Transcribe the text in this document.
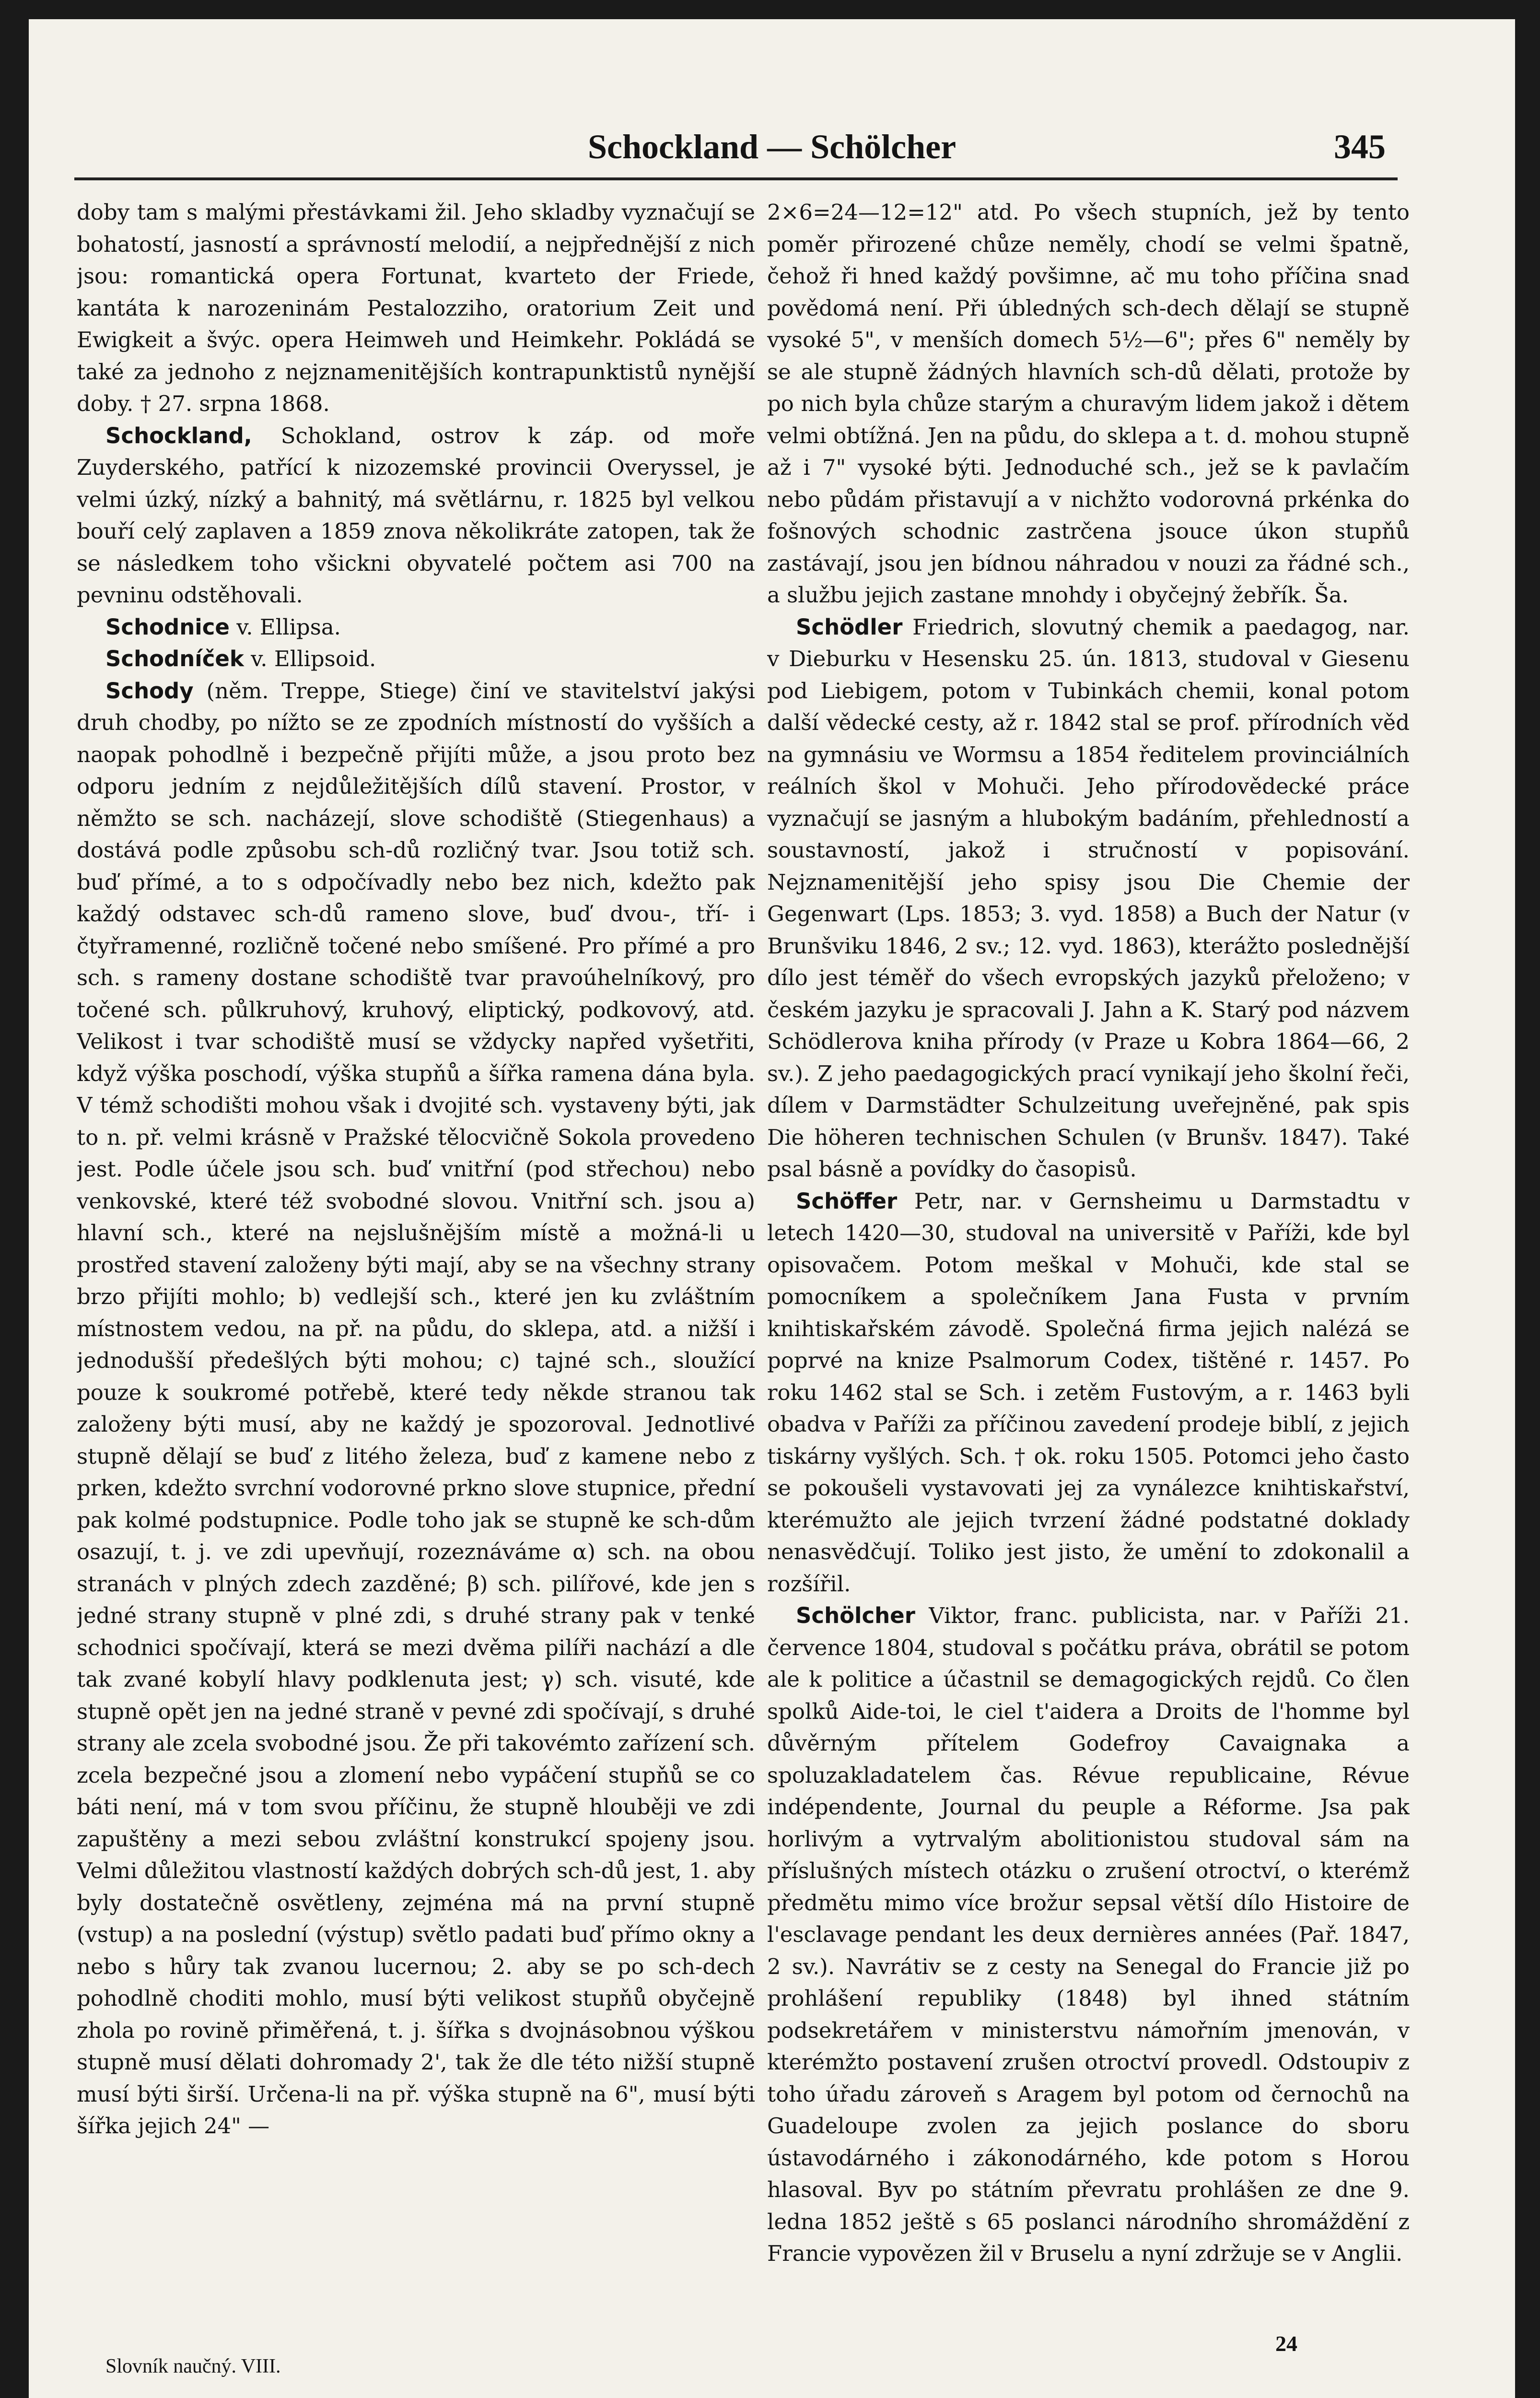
Schockland — Schölcher	345

doby tam s malými přestávkami žil. Jeho skladby vyznačují se bohatostí, jasností a správností melodií, a nejpřednější z nich jsou: romantická opera Fortunat, kvarteto der Friede, kantáta k narozeninám Pestalozziho, oratorium Zeit und Ewigkeit a švýc. opera Heimweh und Heimkehr. Pokládá se také za jednoho z nejznamenitějších kontrapunktistů nynější doby. † 27. srpna 1868.

Schockland, Schokland, ostrov k záp. od moře Zuyderského, patřící k nizozemské provincii Overyssel, je velmi úzký, nízký a bahnitý, má světlárnu, r. 1825 byl velkou bouří celý zaplaven a 1859 znova několikráte zatopen, tak že se následkem toho všickni obyvatelé počtem asi 700 na pevninu odstěhovali.

Schodnice v. Ellipsa.

Schodníček v. Ellipsoid.

Schody (něm. Treppe, Stiege) činí ve stavitelství jakýsi druh chodby, po nížto se ze zpodních místností do vyšších a naopak pohodlně i bezpečně přijíti může, a jsou proto bez odporu jedním z nejdůležitějších dílů stavení. Prostor, v němžto se sch. nacházejí, slove schodiště (Stiegenhaus) a dostává podle způsobu sch-dů rozličný tvar. Jsou totiž sch. buď přímé, a to s odpočívadly nebo bez nich, kdežto pak každý odstavec sch-dů rameno slove, buď dvou-, tří- i čtyřramenné, rozličně točené nebo smíšené. Pro přímé a pro sch. s rameny dostane schodiště tvar pravoúhelníkový, pro točené sch. půlkruhový, kruhový, eliptický, podkovový, atd. Velikost i tvar schodiště musí se vždycky napřed vyšetřiti, když výška poschodí, výška stupňů a šířka ramena dána byla. V témž schodišti mohou však i dvojité sch. vystaveny býti, jak to n. př. velmi krásně v Pražské tělocvičně Sokola provedeno jest. Podle účele jsou sch. buď vnitřní (pod střechou) nebo venkovské, které též svobodné slovou. Vnitřní sch. jsou a) hlavní sch., které na nejslušnějším místě a možná-li u prostřed stavení založeny býti mají, aby se na všechny strany brzo přijíti mohlo; b) vedlejší sch., které jen ku zvláštním místnostem vedou, na př. na půdu, do sklepa, atd. a nižší i jednodušší předešlých býti mohou; c) tajné sch., sloužící pouze k soukromé potřebě, které tedy někde stranou tak založeny býti musí, aby ne každý je spozoroval. Jednotlivé stupně dělají se buď z litého železa, buď z kamene nebo z prken, kdežto svrchní vodorovné prkno slove stupnice, přední pak kolmé podstupnice. Podle toho jak se stupně ke sch-dům osazují, t. j. ve zdi upevňují, rozeznáváme α) sch. na obou stranách v plných zdech zazděné; β) sch. pilířové, kde jen s jedné strany stupně v plné zdi, s druhé strany pak v tenké schodnici spočívají, která se mezi dvěma pilíři nachází a dle tak zvané kobylí hlavy podklenuta jest; γ) sch. visuté, kde stupně opět jen na jedné straně v pevné zdi spočívají, s druhé strany ale zcela svobodné jsou. Že při takovémto zařízení sch. zcela bezpečné jsou a zlomení nebo vypáčení stupňů se co báti není, má v tom svou příčinu, že stupně hlouběji ve zdi zapuštěny a mezi sebou zvláštní konstrukcí spojeny jsou. Velmi důležitou vlastností každých dobrých sch-dů jest, 1. aby byly dostatečně osvětleny, zejména má na první stupně (vstup) a na poslední (výstup) světlo padati buď přímo okny a nebo s hůry tak zvanou lucernou; 2. aby se po sch-dech pohodlně choditi mohlo, musí býti velikost stupňů obyčejně zhola po rovině přiměřená, t. j. šířka s dvojnásobnou výškou stupně musí dělati dohromady 2', tak že dle této nižší stupně musí býti širší. Určena-li na př. výška stupně na 6", musí býti šířka jejich 24" —

2×6=24—12=12" atd. Po všech stupních, jež by tento poměr přirozené chůze neměly, chodí se velmi špatně, čehož ři hned každý povšimne, ač mu toho příčina snad povědomá není. Při úbledných sch-dech dělají se stupně vysoké 5", v menších domech 5½—6"; přes 6" neměly by se ale stupně žádných hlavních sch-dů dělati, protože by po nich byla chůze starým a churavým lidem jakož i dětem velmi obtížná. Jen na půdu, do sklepa a t. d. mohou stupně až i 7" vysoké býti. Jednoduché sch., jež se k pavlačím nebo půdám přistavují a v nichžto vodorovná prkénka do fošnových schodnic zastrčena jsouce úkon stupňů zastávají, jsou jen bídnou náhradou v nouzi za řádné sch., a službu jejich zastane mnohdy i obyčejný žebřík. Ša.

Schödler Friedrich, slovutný chemik a paedagog, nar. v Dieburku v Hesensku 25. ún. 1813, studoval v Giesenu pod Liebigem, potom v Tubinkách chemii, konal potom další vědecké cesty, až r. 1842 stal se prof. přírodních věd na gymnásiu ve Wormsu a 1854 ředitelem provinciálních reálních škol v Mohuči. Jeho přírodovědecké práce vyznačují se jasným a hlubokým badáním, přehledností a soustavností, jakož i stručností v popisování. Nejznamenitější jeho spisy jsou Die Chemie der Gegenwart (Lps. 1853; 3. vyd. 1858) a Buch der Natur (v Brunšviku 1846, 2 sv.; 12. vyd. 1863), kterážto poslednější dílo jest téměř do všech evropských jazyků přeloženo; v českém jazyku je spracovali J. Jahn a K. Starý pod názvem Schödlerova kniha přírody (v Praze u Kobra 1864—66, 2 sv.). Z jeho paedagogických prací vynikají jeho školní řeči, dílem v Darmstädter Schulzeitung uveřejněné, pak spis Die höheren technischen Schulen (v Brunšv. 1847). Také psal básně a povídky do časopisů.

Schöffer Petr, nar. v Gernsheimu u Darmstadtu v letech 1420—30, studoval na universitě v Paříži, kde byl opisovačem. Potom meškal v Mohuči, kde stal se pomocníkem a společníkem Jana Fusta v prvním knihtiskařském závodě. Společná firma jejich nalézá se poprvé na knize Psalmorum Codex, tištěné r. 1457. Po roku 1462 stal se Sch. i zetěm Fustovým, a r. 1463 byli obadva v Paříži za příčinou zavedení prodeje biblí, z jejich tiskárny vyšlých. Sch. † ok. roku 1505. Potomci jeho často se pokoušeli vystavovati jej za vynálezce knihtiskařství, kterémužto ale jejich tvrzení žádné podstatné doklady nenasvědčují. Toliko jest jisto, že umění to zdokonalil a rozšířil.

Schölcher Viktor, franc. publicista, nar. v Paříži 21. července 1804, studoval s počátku práva, obrátil se potom ale k politice a účastnil se demagogických rejdů. Co člen spolků Aide-toi, le ciel t'aidera a Droits de l'homme byl důvěrným přítelem Godefroy Cavaignaka a spoluzakladatelem čas. Révue republicaine, Révue indépendente, Journal du peuple a Réforme. Jsa pak horlivým a vytrvalým abolitionistou studoval sám na příslušných místech otázku o zrušení otroctví, o kterémž předmětu mimo více brožur sepsal větší dílo Histoire de l'esclavage pendant les deux dernières années (Pař. 1847, 2 sv.). Navrátiv se z cesty na Senegal do Francie již po prohlášení republiky (1848) byl ihned státním podsekretářem v ministerstvu námořním jmenován, v kterémžto postavení zrušen otroctví provedl. Odstoupiv z toho úřadu zároveň s Aragem byl potom od černochů na Guadeloupe zvolen za jejich poslance do sboru ústavodárného i zákonodárného, kde potom s Horou hlasoval. Byv po státním převratu prohlášen ze dne 9. ledna 1852 ještě s 65 poslanci národního shromáždění z Francie vypovězen žil v Bruselu a nyní zdržuje se v Anglii.

Slovník naučný. VIII.
24
